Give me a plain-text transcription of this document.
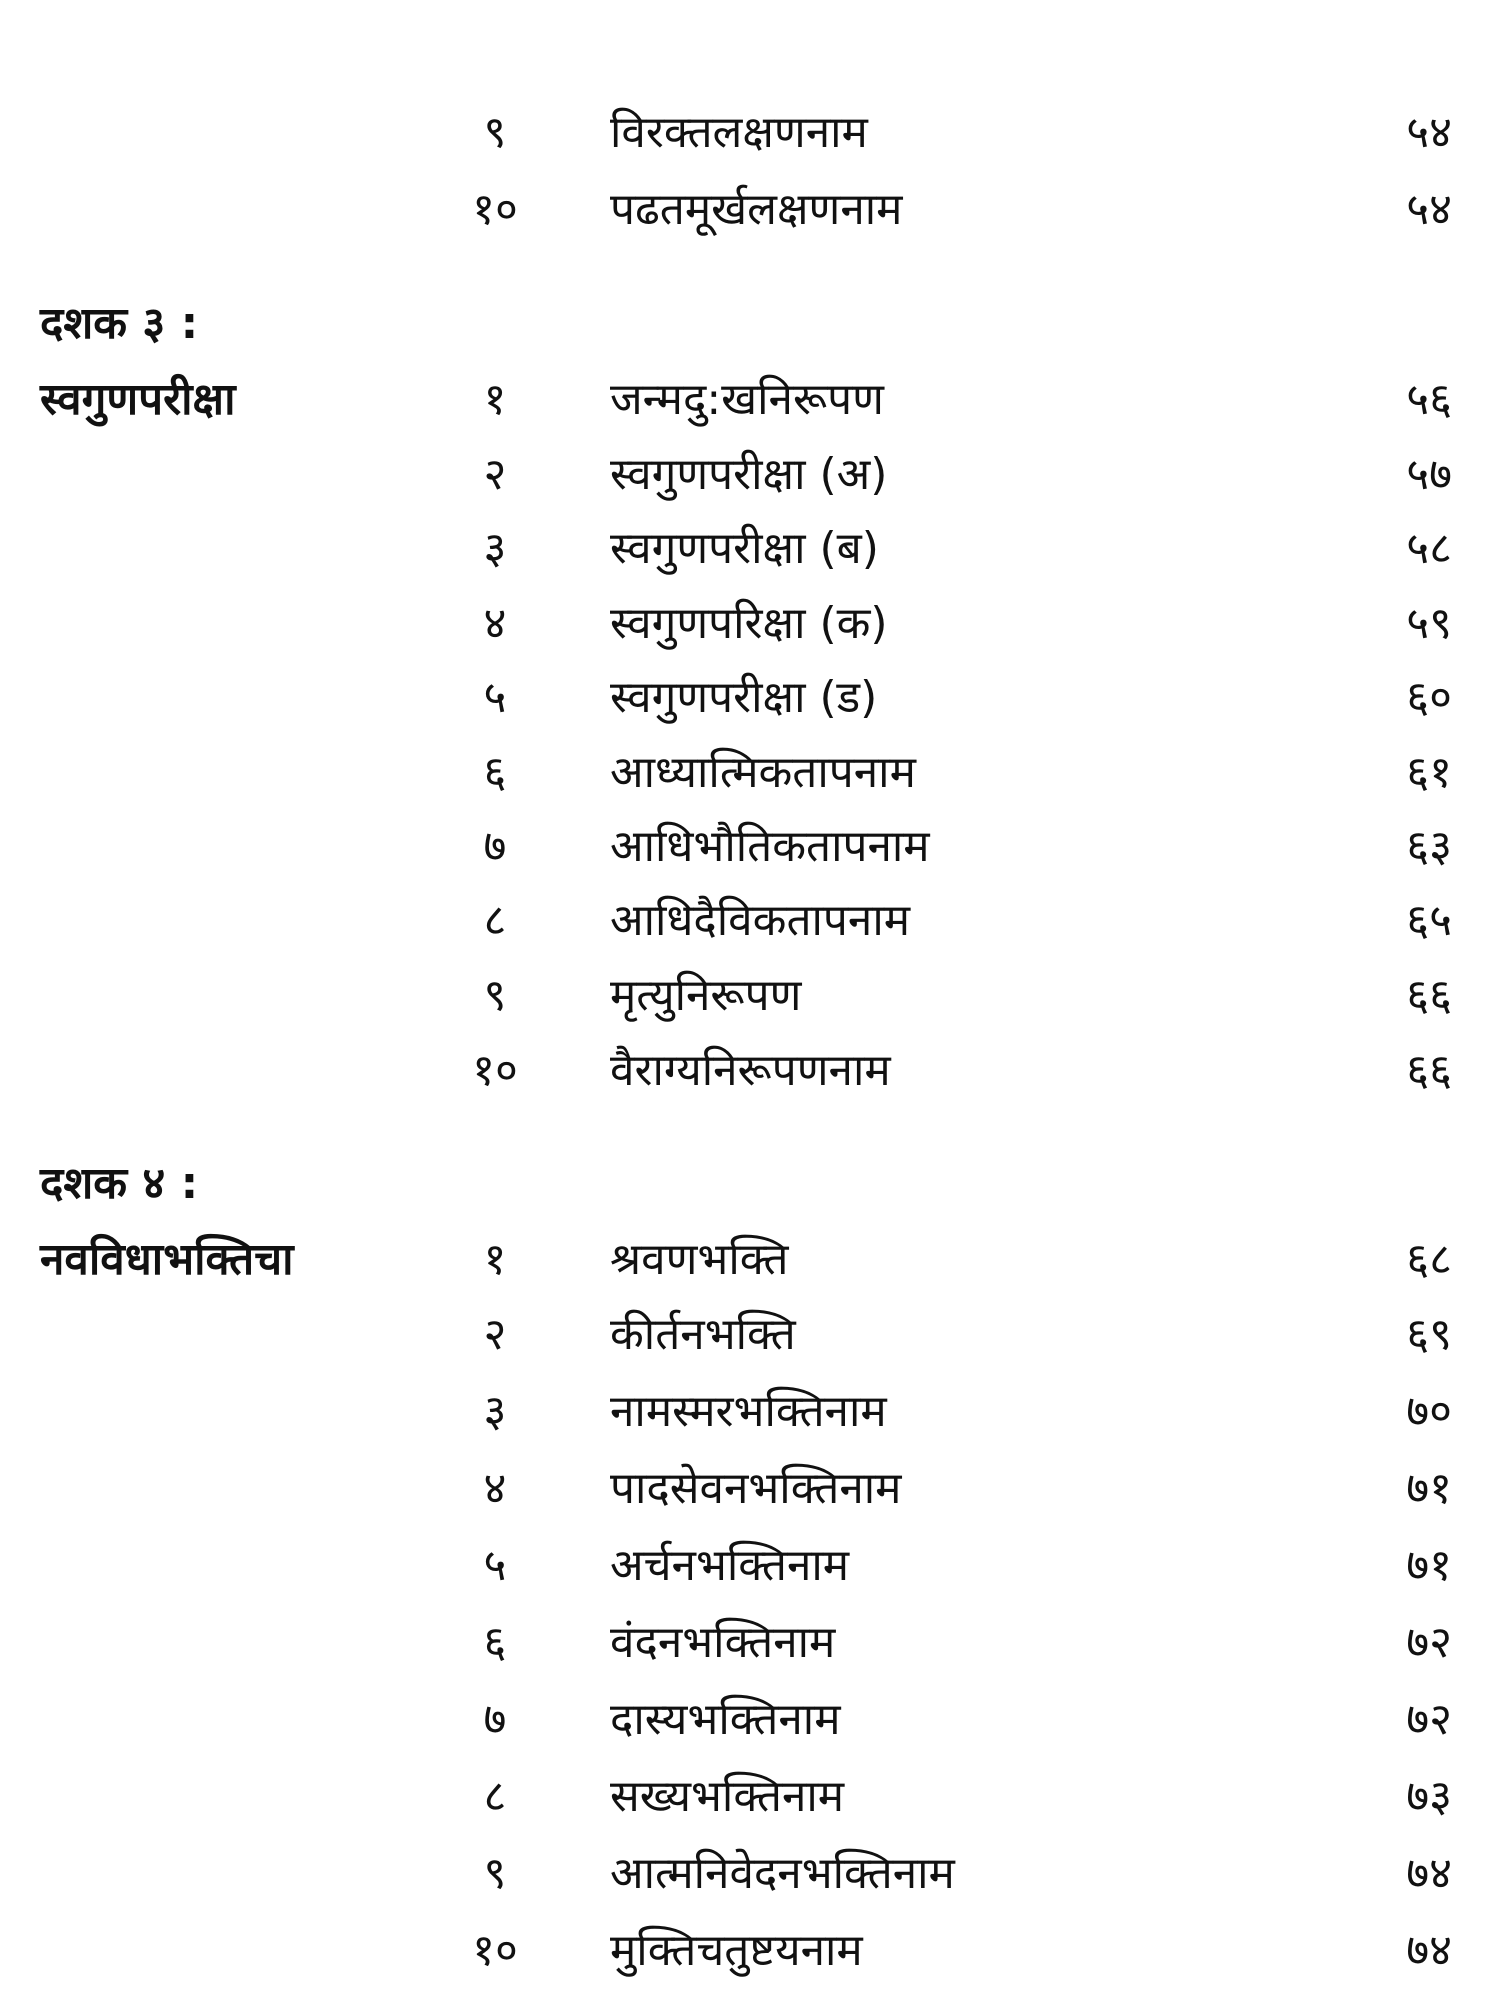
९	विरक्तलक्षणनाम	५४
१०	पढतमूर्खलक्षणनाम	५४
दशक ३ :
स्वगुणपरीक्षा	१	जन्मदु:खनिरूपण	५६
२	स्वगुणपरीक्षा (अ)	५७
३	स्वगुणपरीक्षा (ब)	५८
४	स्वगुणपरिक्षा (क)	५९
५	स्वगुणपरीक्षा (ड)	६०
६	आध्यात्मिकतापनाम	६१
७	आधिभौतिकतापनाम	६३
८	आधिदैविकतापनाम	६५
९	मृत्युनिरूपण	६६
१०	वैराग्यनिरूपणनाम	६६
दशक ४ :
नवविधाभक्तिचा	१	श्रवणभक्ति	६८
२	कीर्तनभक्ति	६९
३	नामस्मरभक्तिनाम	७०
४	पादसेवनभक्तिनाम	७१
५	अर्चनभक्तिनाम	७१
६	वंदनभक्तिनाम	७२
७	दास्यभक्तिनाम	७२
८	सख्यभक्तिनाम	७३
९	आत्मनिवेदनभक्तिनाम	७४
१०	मुक्तिचतुष्टयनाम	७४
